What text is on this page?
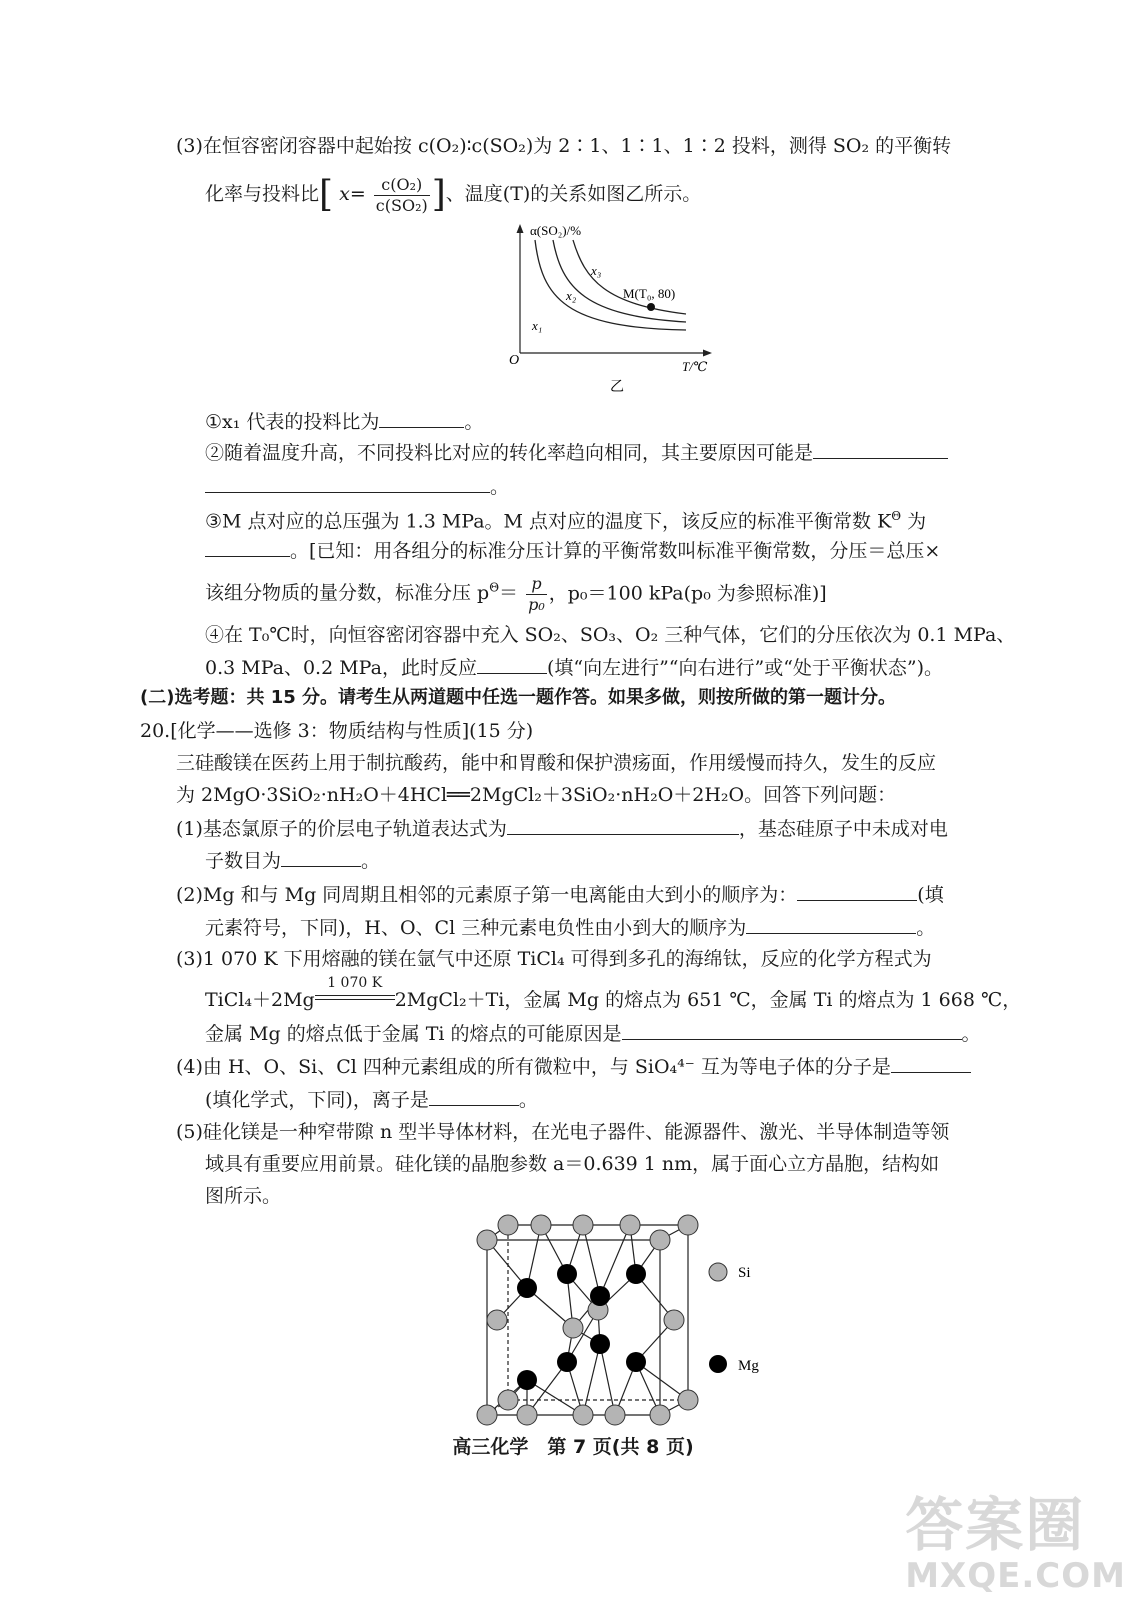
(3)在恒容密闭容器中起始按 c(O₂)∶c(SO₂)为 2∶1、1∶1、1∶2 投料，测得 SO₂ 的平衡转
化率与投料比[ $x= \frac{\text{c(O₂)}}{\text{c(SO₂)}}$ ]、温度(T)的关系如图乙所示。
α(SO₂)/%
T/℃
O
x₁
x₂
x₃
M(T₀, 80)
乙
①x₁ 代表的投料比为	。
②随着温度升高，不同投料比对应的转化率趋向相同，其主要原因可能是
。
③M 点对应的总压强为 1.3 MPa。M 点对应的温度下，该反应的标准平衡常数 $K^\Theta$ 为
。[已知：用各组分的标准分压计算的平衡常数叫标准平衡常数，分压＝总压×
该组分物质的量分数，标准分压 $p^\Theta= \frac{p}{\text{p₀}}$ ，p₀＝100 kPa(p₀ 为参照标准)]
④在 T₀℃时，向恒容密闭容器中充入 SO₂、SO₃、O₂ 三种气体，它们的分压依次为 0.1 MPa、
0.3 MPa、0.2 MPa，此时反应	(填“向左进行”“向右进行”或“处于平衡状态”)。
(二)选考题：共 15 分。请考生从两道题中任选一题作答。如果多做，则按所做的第一题计分。
20.[化学——选修 3：物质结构与性质](15 分)
三硅酸镁在医药上用于制抗酸药，能中和胃酸和保护溃疡面，作用缓慢而持久，发生的反应
为 2MgO·3SiO₂·nH₂O＋4HCl══2MgCl₂＋3SiO₂·nH₂O＋2H₂O。回答下列问题：
(1)基态氯原子的价层电子轨道表达式为	，基态硅原子中未成对电
子数目为	。
(2)Mg 和与 Mg 同周期且相邻的元素原子第一电离能由大到小的顺序为：	(填
元素符号，下同)，H、O、Cl 三种元素电负性由小到大的顺序为	。
(3)1 070 K 下用熔融的镁在氩气中还原 TiCl₄ 可得到多孔的海绵钛，反应的化学方程式为
TiCl₄＋2Mg
1 070 K
2MgCl₂＋Ti，金属 Mg 的熔点为 651 ℃，金属 Ti 的熔点为 1 668 ℃，
金属 Mg 的熔点低于金属 Ti 的熔点的可能原因是	。
(4)由 H、O、Si、Cl 四种元素组成的所有微粒中，与 SiO₄⁴⁻ 互为等电子体的分子是
(填化学式，下同)，离子是	。
(5)硅化镁是一种窄带隙 n 型半导体材料，在光电子器件、能源器件、激光、半导体制造等领
域具有重要应用前景。硅化镁的晶胞参数 a＝0.639 1 nm，属于面心立方晶胞，结构如
图所示。
Si
Mg
高三化学　第 7 页(共 8 页)
答案圈
MXQE.COM
